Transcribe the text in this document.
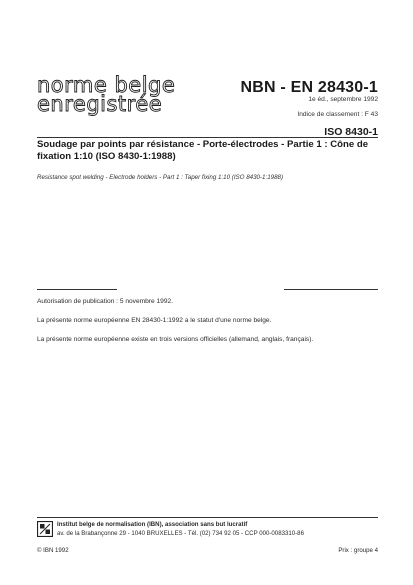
norme belge
enregistrée
NBN - EN 28430-1
1e éd., septembre 1992
Indice de classement : F 43
ISO 8430-1
Soudage par points par résistance - Porte-électrodes - Partie 1 : Cône de fixation 1:10 (ISO 8430-1:1988)
Resistance spot welding - Electrode holders - Part 1 : Taper fixing 1:10 (ISO 8430-1:1988)
Autorisation de publication : 5 novembre 1992.
La présente norme européenne EN 28430-1:1992 a le statut d'une norme belge.
La présente norme européenne existe en trois versions officielles (allemand, anglais, français).
Institut belge de normalisation (IBN), association sans but lucratif
av. de la Brabançonne 29 - 1040 BRUXELLES - Tél. (02) 734 92 05 - CCP 000-0083310-86
© IBN 1992	Prix : groupe 4
